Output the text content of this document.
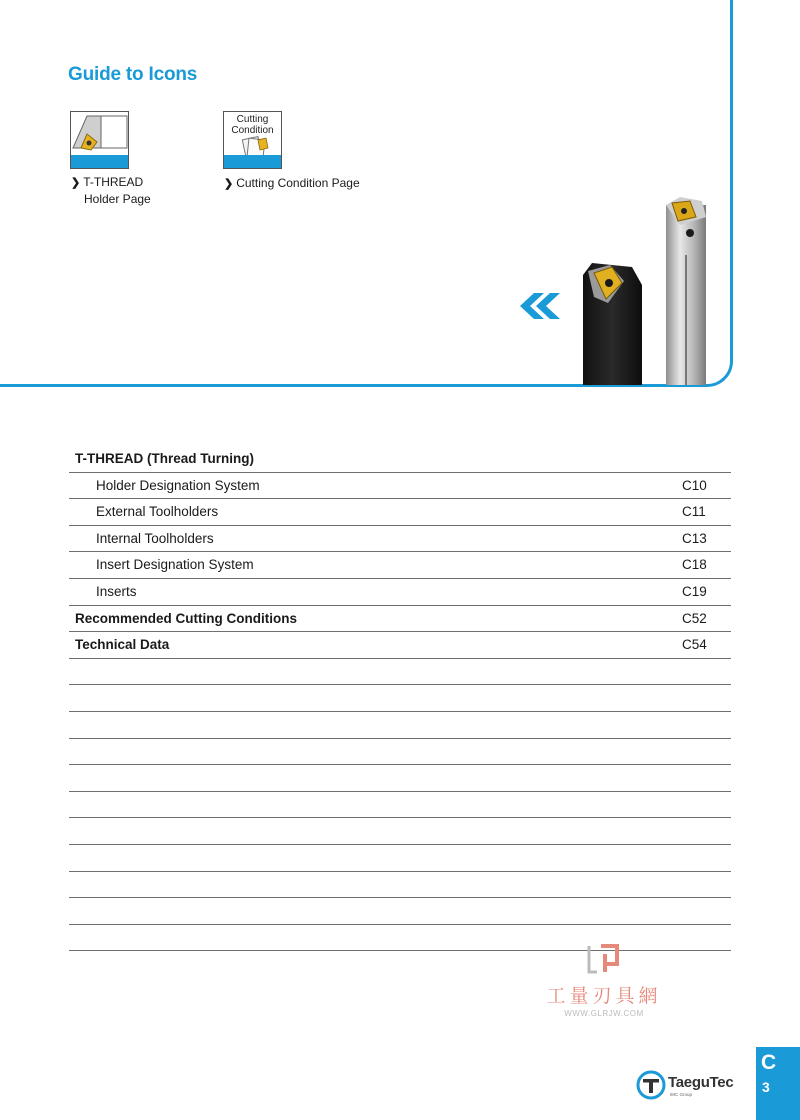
Guide to Icons
❯ T-THREAD
Holder Page
Cutting
Condition
❯ Cutting Condition Page
T-THREAD (Thread Turning)
Holder Designation System	C10
External Toolholders	C11
Internal Toolholders	C13
Insert Designation System	C18
Inserts	C19
Recommended Cutting Conditions	C52
Technical Data	C54
工量刃具網
WWW.GLRJW.COM
TaeguTec
IMC Group
C
3
